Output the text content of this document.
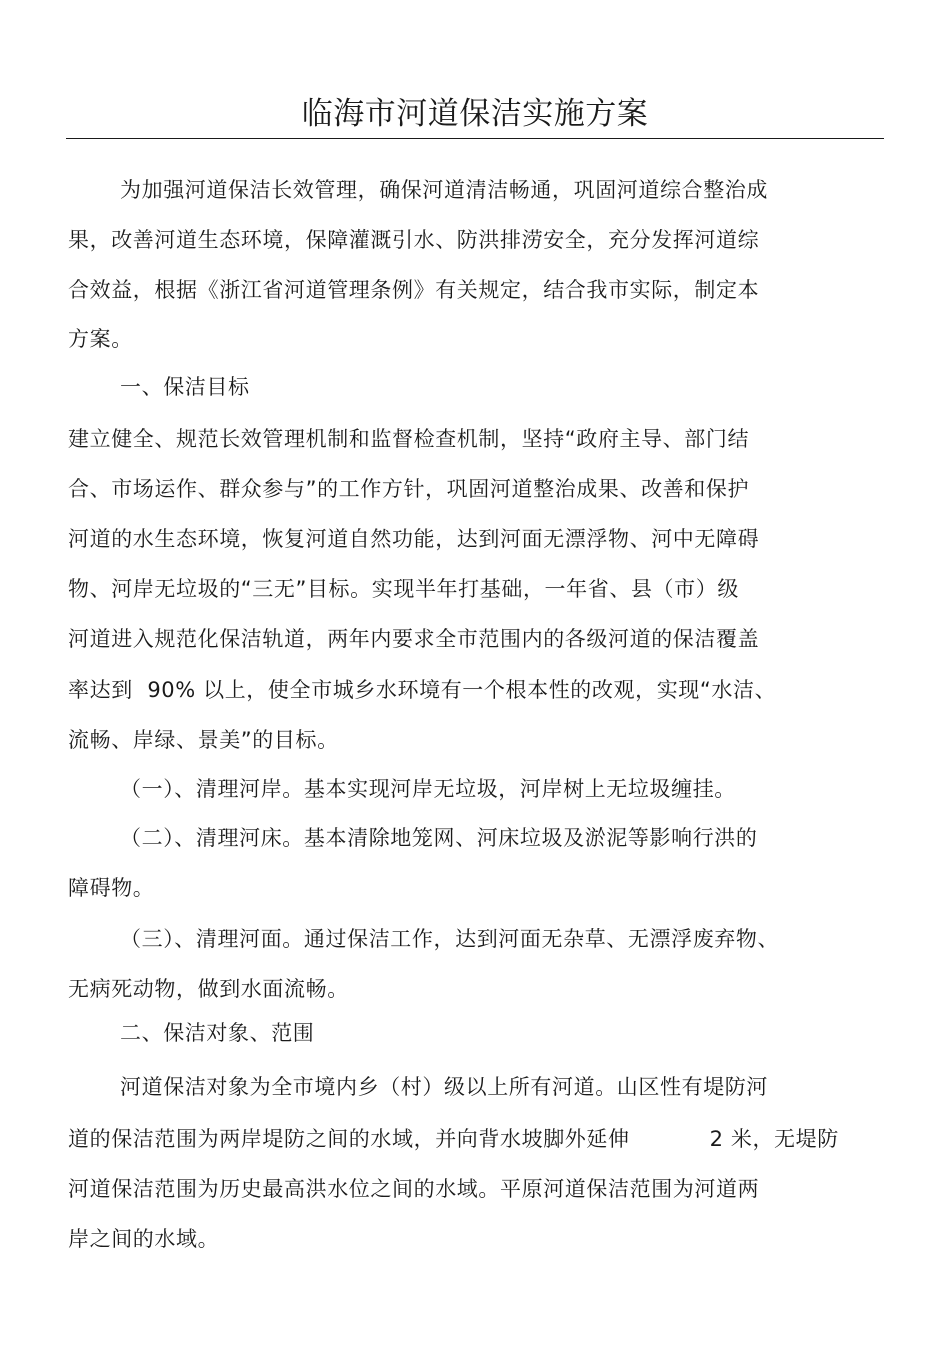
临海市河道保洁实施方案
为加强河道保洁长效管理，确保河道清洁畅通，巩固河道综合整治成
果，改善河道生态环境，保障灌溉引水、防洪排涝安全，充分发挥河道综
合效益，根据《浙江省河道管理条例》有关规定，结合我市实际，制定本
方案。
一、保洁目标
建立健全、规范长效管理机制和监督检查机制，坚持“政府主导、部门结
合、市场运作、群众参与”的工作方针，巩固河道整治成果、改善和保护
河道的水生态环境，恢复河道自然功能，达到河面无漂浮物、河中无障碍
物、河岸无垃圾的“三无”目标。实现半年打基础，一年省、县（市）级
河道进入规范化保洁轨道，两年内要求全市范围内的各级河道的保洁覆盖
率达到  90% 以上，使全市城乡水环境有一个根本性的改观，实现“水洁、
流畅、岸绿、景美”的目标。
（一）、清理河岸。基本实现河岸无垃圾，河岸树上无垃圾缠挂。
（二）、清理河床。基本清除地笼网、河床垃圾及淤泥等影响行洪的
障碍物。
（三）、清理河面。通过保洁工作，达到河面无杂草、无漂浮废弃物、
无病死动物，做到水面流畅。
二、保洁对象、范围
河道保洁对象为全市境内乡（村）级以上所有河道。山区性有堤防河
道的保洁范围为两岸堤防之间的水域，并向背水坡脚外延伸           2 米，无堤防
河道保洁范围为历史最高洪水位之间的水域。平原河道保洁范围为河道两
岸之间的水域。
